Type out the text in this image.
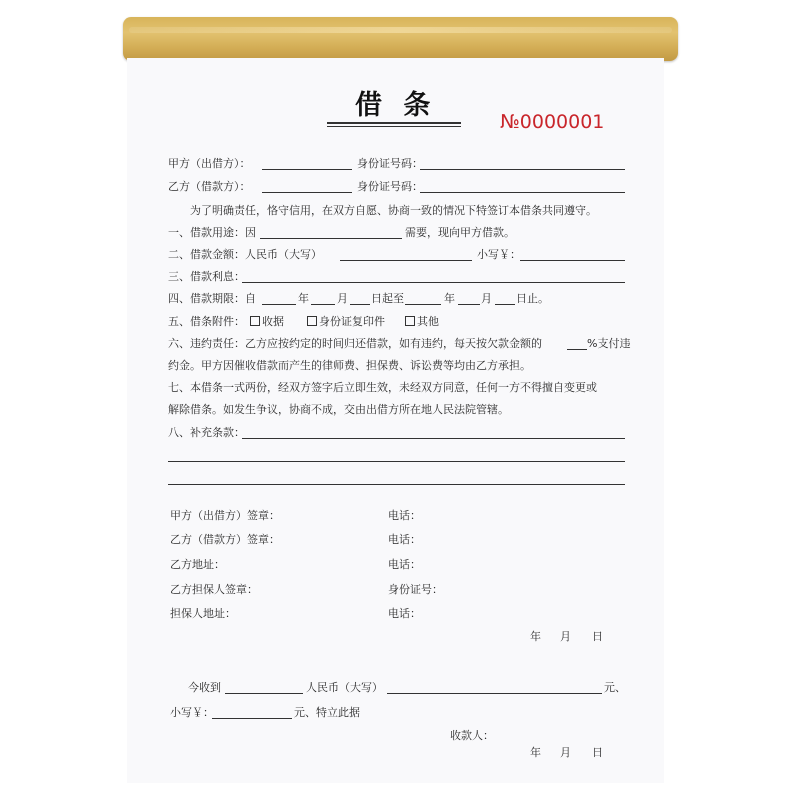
借 条
№0000001
甲方（出借方）：	身份证号码：
乙方（借款方）：	身份证号码：
为了明确责任，恪守信用，在双方自愿、协商一致的情况下特签订本借条共同遵守。
一、借款用途：因	需要，现向甲方借款。
二、借款金额：人民币（大写）	小写￥：
三、借款利息：
四、借款期限：自	年	月 日起至	年 月 日止。
五、借条附件：	收据	身份证复印件	其他
六、违约责任：乙方应按约定的时间归还借款，如有违约，每天按欠款金额的	%支付违
约金。甲方因催收借款而产生的律师费、担保费、诉讼费等均由乙方承担。
七、本借条一式两份，经双方签字后立即生效，未经双方同意，任何一方不得擅自变更或
解除借条。如发生争议，协商不成，交由出借方所在地人民法院管辖。
八、补充条款：
甲方（出借方）签章：	电话：
乙方（借款方）签章：	电话：
乙方地址：	电话：
乙方担保人签章：	身份证号：
担保人地址：	电话：
年 月 日
今收到	人民币（大写）	元、
小写￥：	元、特立此据
收款人：
年 月 日
